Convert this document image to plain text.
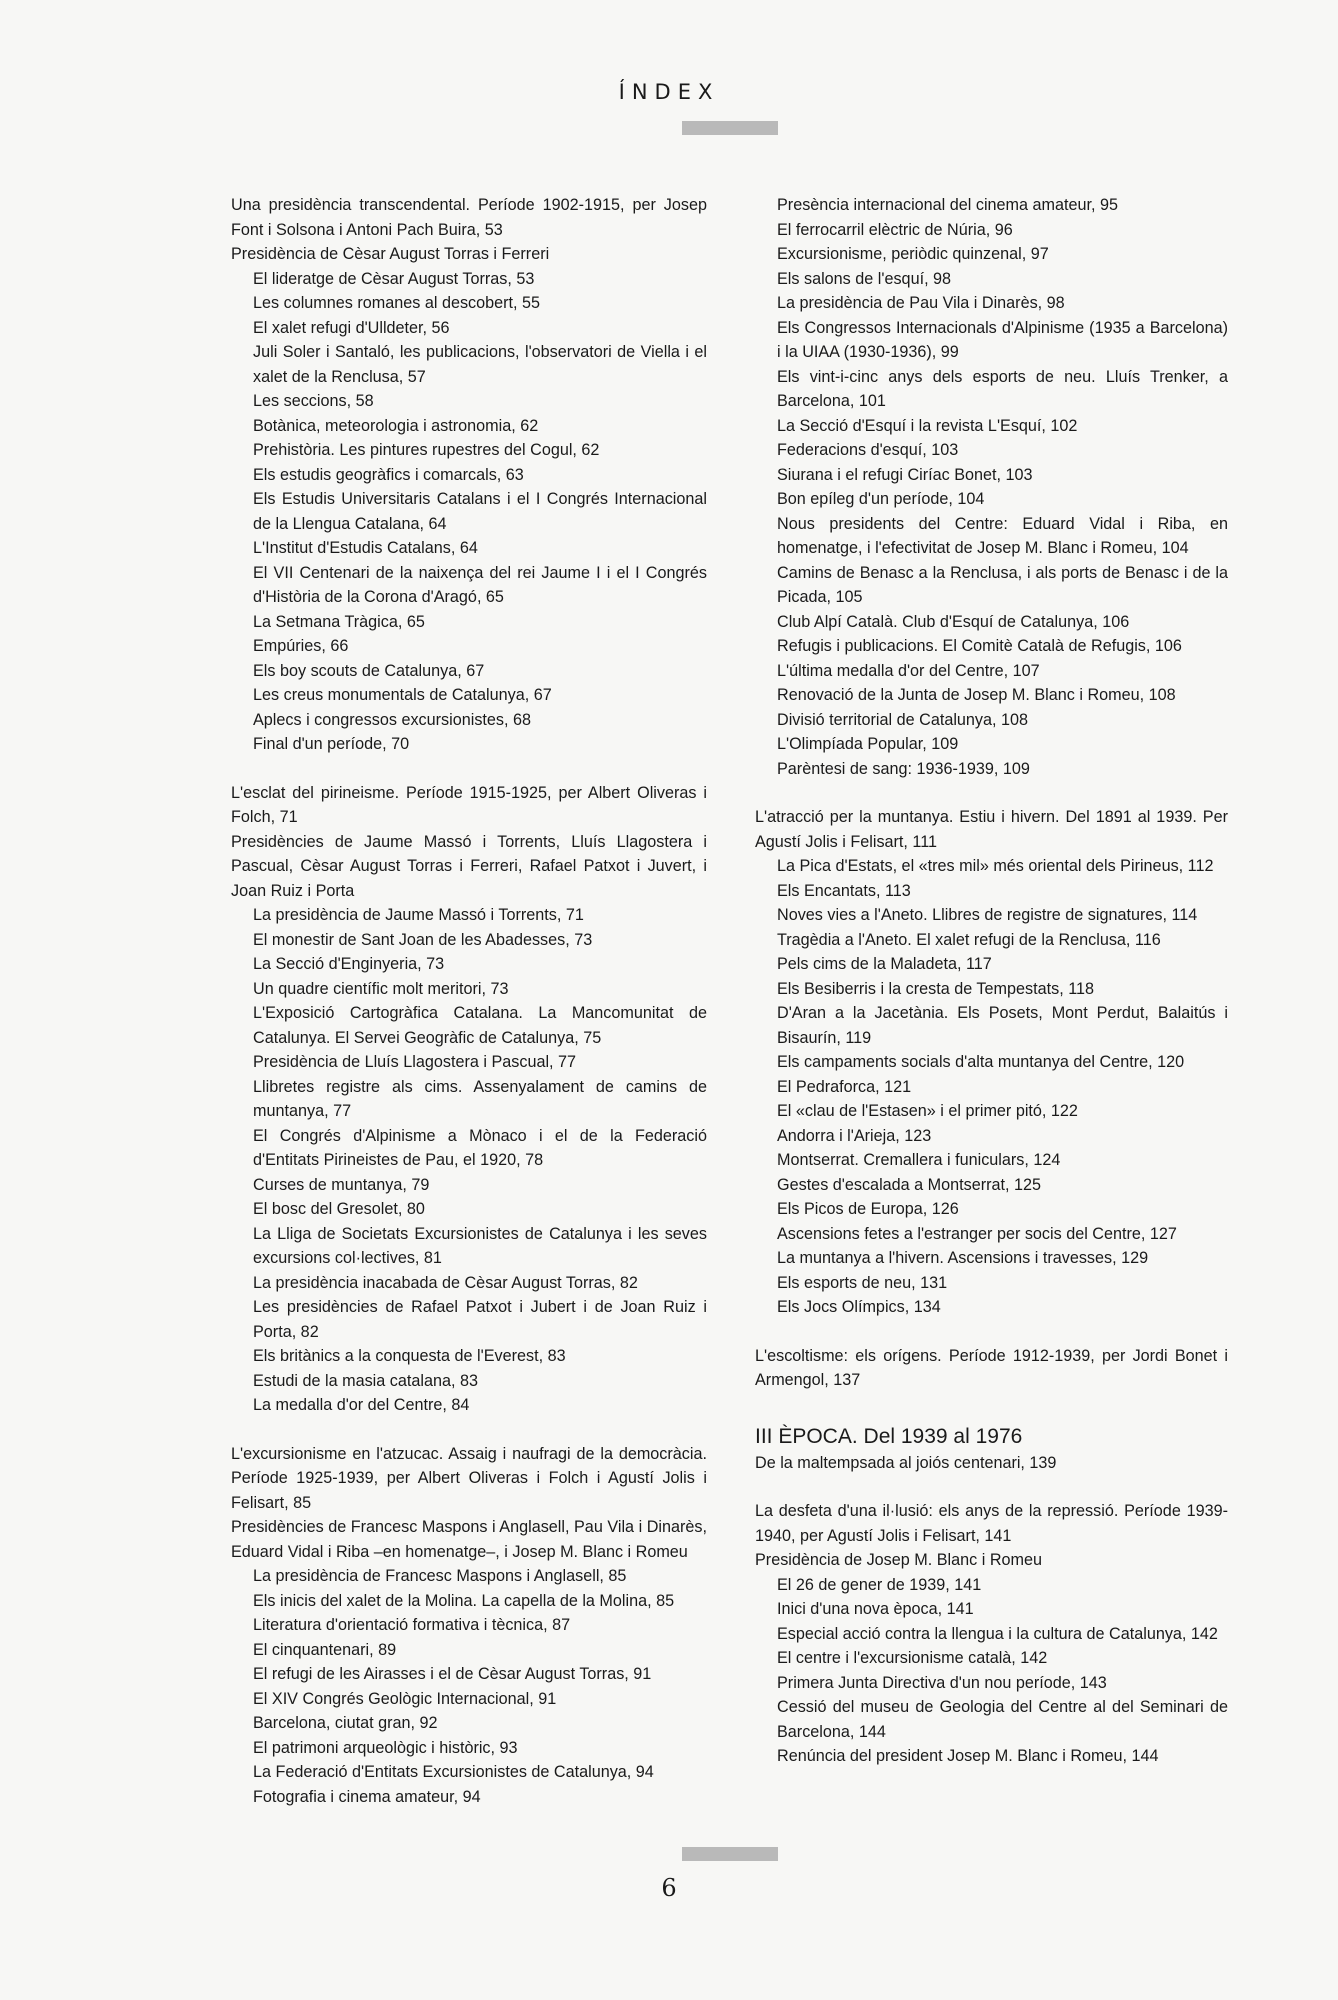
ÍNDEX

Una presidència transcendental. Període 1902-1915, per Josep Font i Solsona i Antoni Pach Buira, 53

Presidència de Cèsar August Torras i Ferreri

El lideratge de Cèsar August Torras, 53

Les columnes romanes al descobert, 55

El xalet refugi d'Ulldeter, 56

Juli Soler i Santaló, les publicacions, l'observatori de Viella i el xalet de la Renclusa, 57

Les seccions, 58

Botànica, meteorologia i astronomia, 62

Prehistòria. Les pintures rupestres del Cogul, 62

Els estudis geogràfics i comarcals, 63

Els Estudis Universitaris Catalans i el I Congrés Internacional de la Llengua Catalana, 64

L'Institut d'Estudis Catalans, 64

El VII Centenari de la naixença del rei Jaume I i el I Congrés d'Història de la Corona d'Aragó, 65

La Setmana Tràgica, 65

Empúries, 66

Els boy scouts de Catalunya, 67

Les creus monumentals de Catalunya, 67

Aplecs i congressos excursionistes, 68

Final d'un període, 70

L'esclat del pirineisme. Període 1915-1925, per Albert Oliveras i Folch, 71

Presidències de Jaume Massó i Torrents, Lluís Llagostera i Pascual, Cèsar August Torras i Ferreri, Rafael Patxot i Juvert, i Joan Ruiz i Porta

La presidència de Jaume Massó i Torrents, 71

El monestir de Sant Joan de les Abadesses, 73

La Secció d'Enginyeria, 73

Un quadre científic molt meritori, 73

L'Exposició Cartogràfica Catalana. La Mancomunitat de Catalunya. El Servei Geogràfic de Catalunya, 75

Presidència de Lluís Llagostera i Pascual, 77

Llibretes registre als cims. Assenyalament de camins de muntanya, 77

El Congrés d'Alpinisme a Mònaco i el de la Federació d'Entitats Pirineistes de Pau, el 1920, 78

Curses de muntanya, 79

El bosc del Gresolet, 80

La Lliga de Societats Excursionistes de Catalunya i les seves excursions col·lectives, 81

La presidència inacabada de Cèsar August Torras, 82

Les presidències de Rafael Patxot i Jubert i de Joan Ruiz i Porta, 82

Els britànics a la conquesta de l'Everest, 83

Estudi de la masia catalana, 83

La medalla d'or del Centre, 84

L'excursionisme en l'atzucac. Assaig i naufragi de la democràcia. Període 1925-1939, per Albert Oliveras i Folch i Agustí Jolis i Felisart, 85

Presidències de Francesc Maspons i Anglasell, Pau Vila i Dinarès, Eduard Vidal i Riba –en homenatge–, i Josep M. Blanc i Romeu

La presidència de Francesc Maspons i Anglasell, 85

Els inicis del xalet de la Molina. La capella de la Molina, 85

Literatura d'orientació formativa i tècnica, 87

El cinquantenari, 89

El refugi de les Airasses i el de Cèsar August Torras, 91

El XIV Congrés Geològic Internacional, 91

Barcelona, ciutat gran, 92

El patrimoni arqueològic i històric, 93

La Federació d'Entitats Excursionistes de Catalunya, 94

Fotografia i cinema amateur, 94

Presència internacional del cinema amateur, 95

El ferrocarril elèctric de Núria, 96

Excursionisme, periòdic quinzenal, 97

Els salons de l'esquí, 98

La presidència de Pau Vila i Dinarès, 98

Els Congressos Internacionals d'Alpinisme (1935 a Barcelona) i la UIAA (1930-1936), 99

Els vint-i-cinc anys dels esports de neu. Lluís Trenker, a Barcelona, 101

La Secció d'Esquí i la revista L'Esquí, 102

Federacions d'esquí, 103

Siurana i el refugi Ciríac Bonet, 103

Bon epíleg d'un període, 104

Nous presidents del Centre: Eduard Vidal i Riba, en homenatge, i l'efectivitat de Josep M. Blanc i Romeu, 104

Camins de Benasc a la Renclusa, i als ports de Benasc i de la Picada, 105

Club Alpí Català. Club d'Esquí de Catalunya, 106

Refugis i publicacions. El Comitè Català de Refugis, 106

L'última medalla d'or del Centre, 107

Renovació de la Junta de Josep M. Blanc i Romeu, 108

Divisió territorial de Catalunya, 108

L'Olimpíada Popular, 109

Parèntesi de sang: 1936-1939, 109

L'atracció per la muntanya. Estiu i hivern. Del 1891 al 1939. Per Agustí Jolis i Felisart, 111

La Pica d'Estats, el «tres mil» més oriental dels Pirineus, 112

Els Encantats, 113

Noves vies a l'Aneto. Llibres de registre de signatures, 114

Tragèdia a l'Aneto. El xalet refugi de la Renclusa, 116

Pels cims de la Maladeta, 117

Els Besiberris i la cresta de Tempestats, 118

D'Aran a la Jacetània. Els Posets, Mont Perdut, Balaitús i Bisaurín, 119

Els campaments socials d'alta muntanya del Centre, 120

El Pedraforca, 121

El «clau de l'Estasen» i el primer pitó, 122

Andorra i l'Arieja, 123

Montserrat. Cremallera i funiculars, 124

Gestes d'escalada a Montserrat, 125

Els Picos de Europa, 126

Ascensions fetes a l'estranger per socis del Centre, 127

La muntanya a l'hivern. Ascensions i travesses, 129

Els esports de neu, 131

Els Jocs Olímpics, 134

L'escoltisme: els orígens. Període 1912-1939, per Jordi Bonet i Armengol, 137

III ÈPOCA. Del 1939 al 1976

De la maltempsada al joiós centenari, 139

La desfeta d'una il·lusió: els anys de la repressió. Període 1939-1940, per Agustí Jolis i Felisart, 141

Presidència de Josep M. Blanc i Romeu

El 26 de gener de 1939, 141

Inici d'una nova època, 141

Especial acció contra la llengua i la cultura de Catalunya, 142

El centre i l'excursionisme català, 142

Primera Junta Directiva d'un nou període, 143

Cessió del museu de Geologia del Centre al del Seminari de Barcelona, 144

Renúncia del president Josep M. Blanc i Romeu, 144

6
